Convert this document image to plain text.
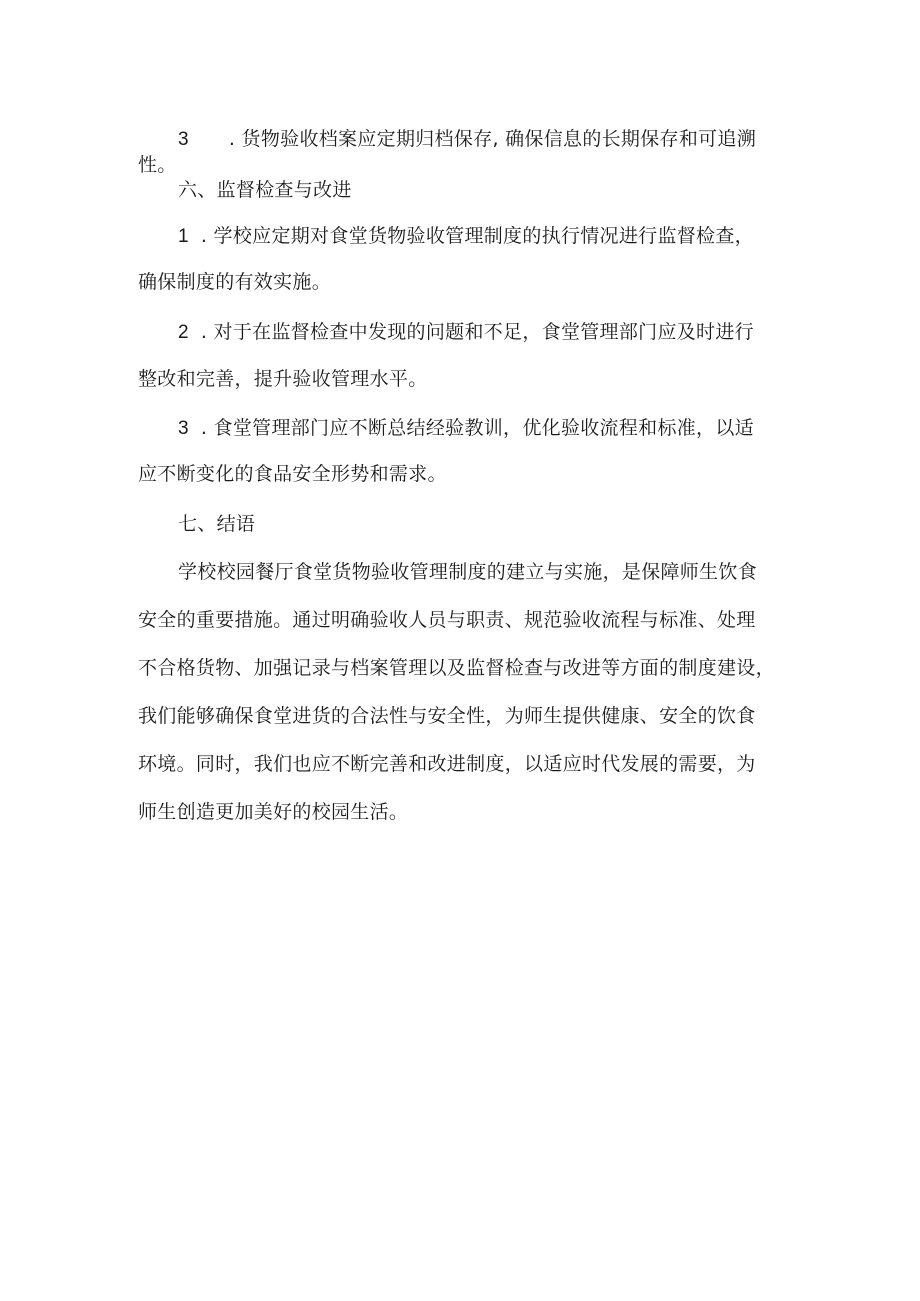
3 . 货物验收档案应定期归档保存, 确保信息的长期保存和可追溯
性。
六、监督检查与改进
1 . 学校应定期对食堂货物验收管理制度的执行情况进行监督检查，
确保制度的有效实施。
2 . 对于在监督检查中发现的问题和不足，食堂管理部门应及时进行
整改和完善，提升验收管理水平。
3 . 食堂管理部门应不断总结经验教训，优化验收流程和标准，以适
应不断变化的食品安全形势和需求。
七、结语
学校校园餐厅食堂货物验收管理制度的建立与实施，是保障师生饮食
安全的重要措施。通过明确验收人员与职责、规范验收流程与标准、处理
不合格货物、加强记录与档案管理以及监督检查与改进等方面的制度建设，
我们能够确保食堂进货的合法性与安全性，为师生提供健康、安全的饮食
环境。同时，我们也应不断完善和改进制度，以适应时代发展的需要，为
师生创造更加美好的校园生活。
